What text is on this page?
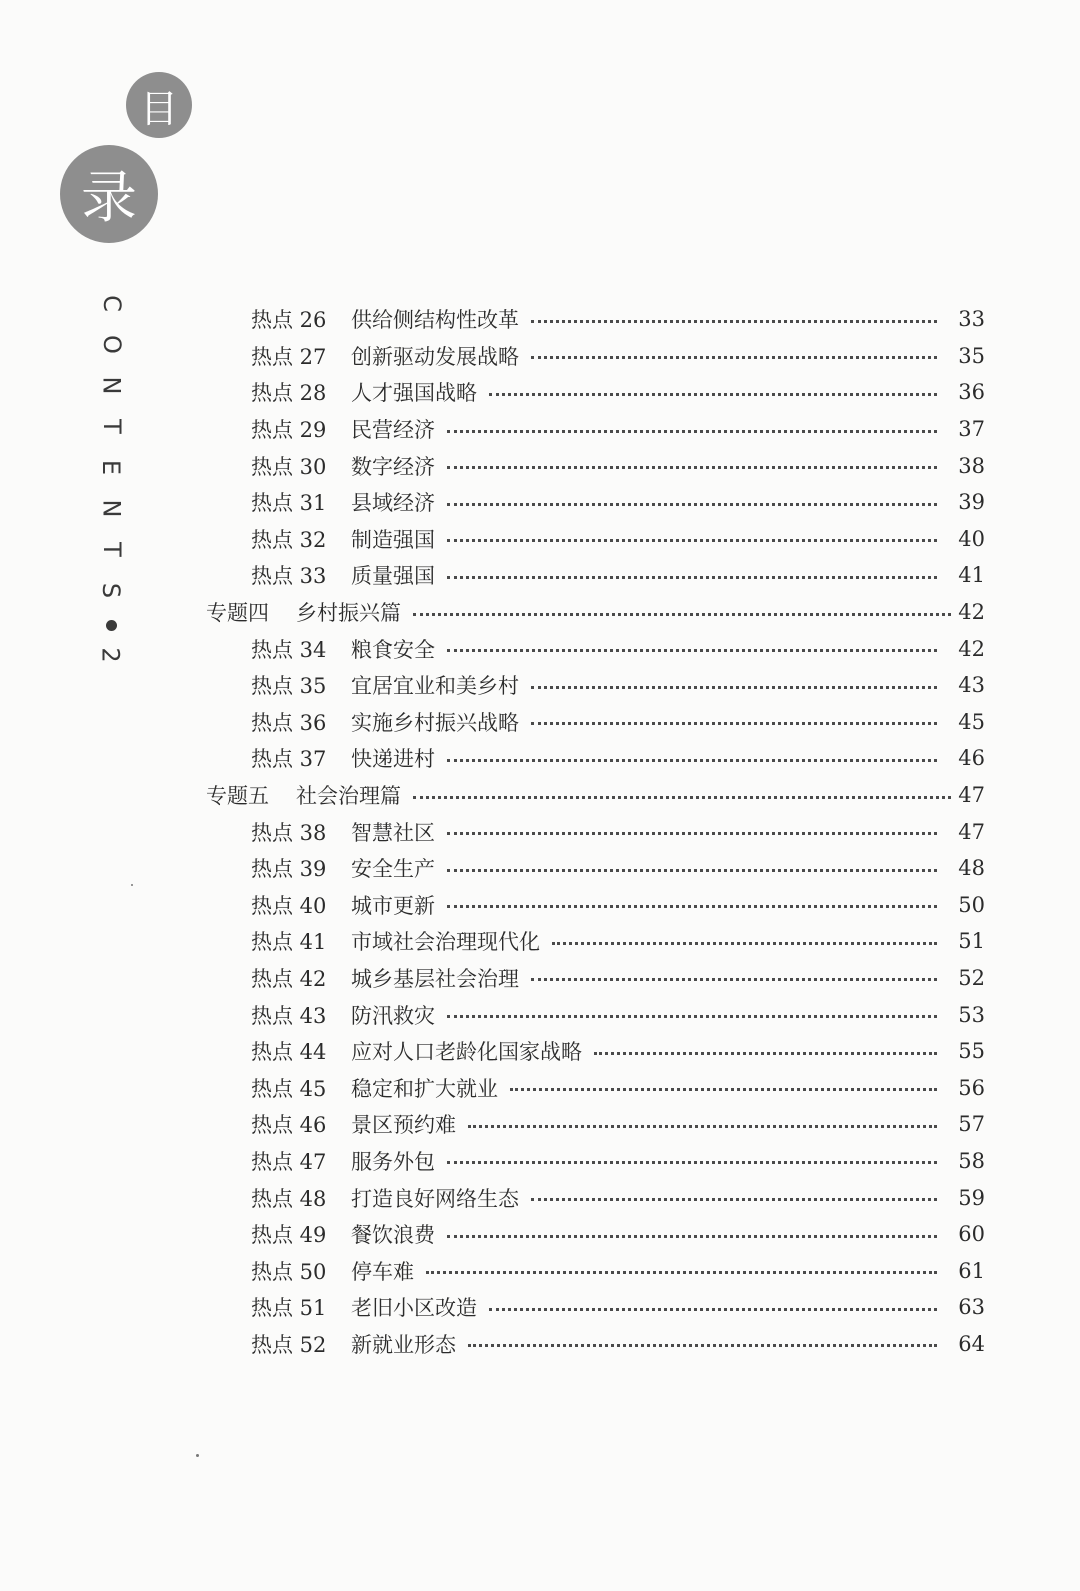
目
录
C
O
N
T
E
N
T
S
2
热点 26	供给侧结构性改革	33
热点 27	创新驱动发展战略	35
热点 28	人才强国战略	36
热点 29	民营经济	37
热点 30	数字经济	38
热点 31	县域经济	39
热点 32	制造强国	40
热点 33	质量强国	41
专题四	乡村振兴篇	42
热点 34	粮食安全	42
热点 35	宜居宜业和美乡村	43
热点 36	实施乡村振兴战略	45
热点 37	快递进村	46
专题五	社会治理篇	47
热点 38	智慧社区	47
热点 39	安全生产	48
热点 40	城市更新	50
热点 41	市域社会治理现代化	51
热点 42	城乡基层社会治理	52
热点 43	防汛救灾	53
热点 44	应对人口老龄化国家战略	55
热点 45	稳定和扩大就业	56
热点 46	景区预约难	57
热点 47	服务外包	58
热点 48	打造良好网络生态	59
热点 49	餐饮浪费	60
热点 50	停车难	61
热点 51	老旧小区改造	63
热点 52	新就业形态	64
